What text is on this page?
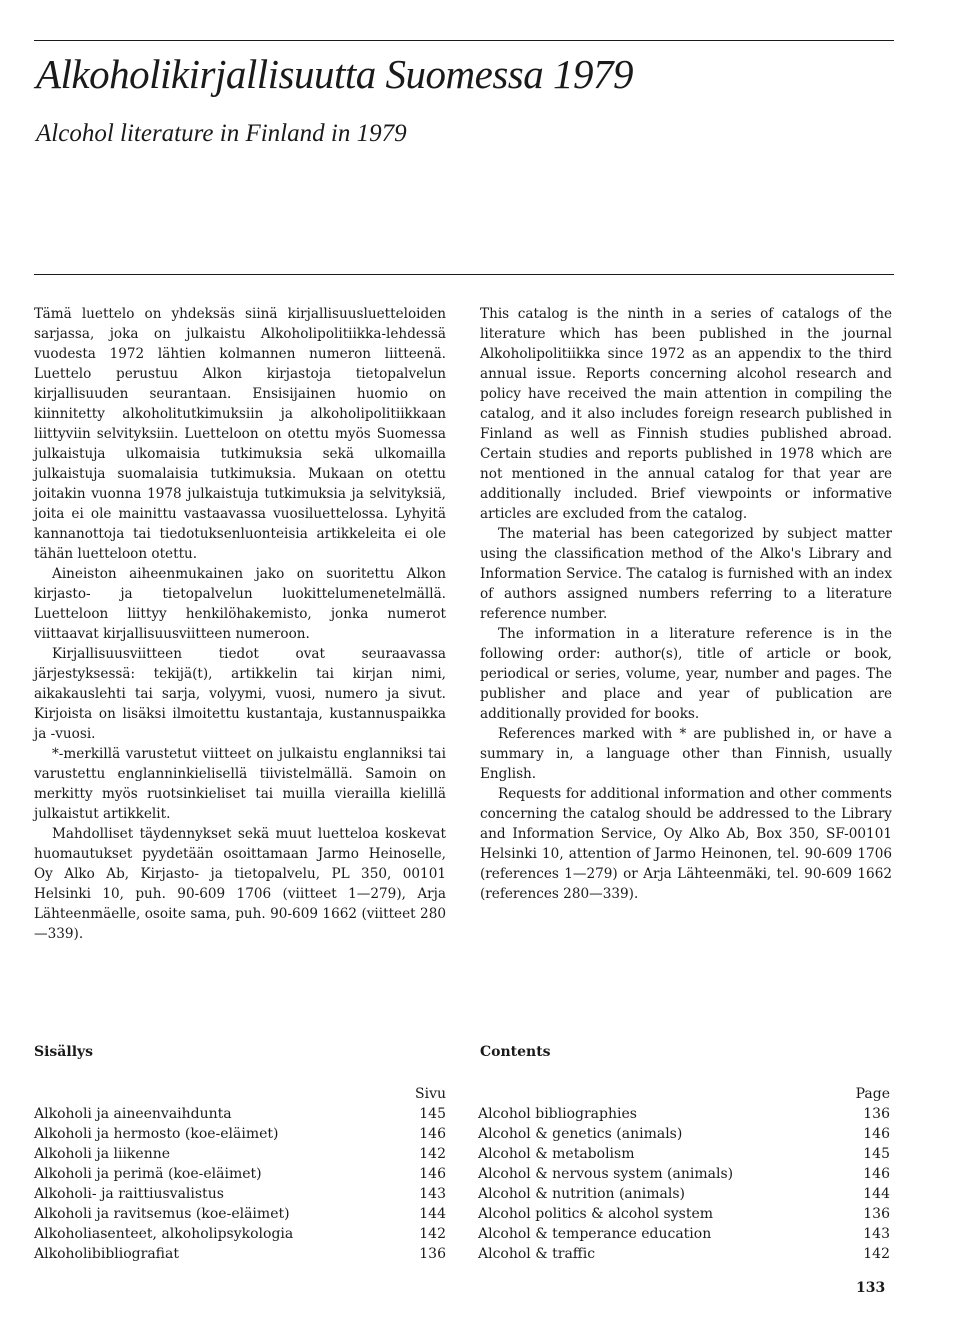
Alkoholikirjallisuutta Suomessa 1979
Alcohol literature in Finland in 1979

Tämä luettelo on yhdeksäs siinä kirjallisuusluetteloiden sarjassa, joka on julkaistu Alkoholipolitiikka-lehdessä vuodesta 1972 lähtien kolmannen numeron liitteenä. Luettelo perustuu Alkon kirjastoja tietopalvelun kirjallisuuden seurantaan. Ensisijainen huomio on kiinnitetty alkoholitutkimuksiin ja alkoholipolitiikkaan liittyviin selvityksiin. Luetteloon on otettu myös Suomessa julkaistuja ulkomaisia tutkimuksia sekä ulkomailla julkaistuja suomalaisia tutkimuksia. Mukaan on otettu joitakin vuonna 1978 julkaistuja tutkimuksia ja selvityksiä, joita ei ole mainittu vastaavassa vuosiluettelossa. Lyhyitä kannanottoja tai tiedotuksenluonteisia artikkeleita ei ole tähän luetteloon otettu.

Aineiston aiheenmukainen jako on suoritettu Alkon kirjasto- ja tietopalvelun luokittelumenetelmällä. Luetteloon liittyy henkilöhakemisto, jonka numerot viittaavat kirjallisuusviitteen numeroon.

Kirjallisuusviitteen tiedot ovat seuraavassa järjestyksessä: tekijä(t), artikkelin tai kirjan nimi, aikakauslehti tai sarja, volyymi, vuosi, numero ja sivut. Kirjoista on lisäksi ilmoitettu kustantaja, kustannuspaikka ja -vuosi.

*-merkillä varustetut viitteet on julkaistu englanniksi tai varustettu englanninkielisellä tiivistelmällä. Samoin on merkitty myös ruotsinkieliset tai muilla vierailla kielillä julkaistut artikkelit.

Mahdolliset täydennykset sekä muut luetteloa koskevat huomautukset pyydetään osoittamaan Jarmo Heinoselle, Oy Alko Ab, Kirjasto- ja tietopalvelu, PL 350, 00101 Helsinki 10, puh. 90-609 1706 (viitteet 1—279), Arja Lähteenmäelle, osoite sama, puh. 90-609 1662 (viitteet 280—339).

This catalog is the ninth in a series of catalogs of the literature which has been published in the journal Alkoholipolitiikka since 1972 as an appendix to the third annual issue. Reports concerning alcohol research and policy have received the main attention in compiling the catalog, and it also includes foreign research published in Finland as well as Finnish studies published abroad. Certain studies and reports published in 1978 which are not mentioned in the annual catalog for that year are additionally included. Brief viewpoints or informative articles are excluded from the catalog.

The material has been categorized by subject matter using the classification method of the Alko's Library and Information Service. The catalog is furnished with an index of authors assigned numbers referring to a literature reference number.

The information in a literature reference is in the following order: author(s), title of article or book, periodical or series, volume, year, number and pages. The publisher and place and year of publication are additionally provided for books.

References marked with * are published in, or have a summary in, a language other than Finnish, usually English.

Requests for additional information and other comments concerning the catalog should be addressed to the Library and Information Service, Oy Alko Ab, Box 350, SF-00101 Helsinki 10, attention of Jarmo Heinonen, tel. 90-609 1706 (references 1—279) or Arja Lähteenmäki, tel. 90-609 1662 (references 280—339).

Sisällys	Contents
Sivu
Alkoholi ja aineenvaihdunta	145
Alkoholi ja hermosto (koe-eläimet)	146
Alkoholi ja liikenne	142
Alkoholi ja perimä (koe-eläimet)	146
Alkoholi- ja raittiusvalistus	143
Alkoholi ja ravitsemus (koe-eläimet)	144
Alkoholiasenteet, alkoholipsykologia	142
Alkoholibibliografiat	136
Page
Alcohol bibliographies	136
Alcohol & genetics (animals)	146
Alcohol & metabolism	145
Alcohol & nervous system (animals)	146
Alcohol & nutrition (animals)	144
Alcohol politics & alcohol system	136
Alcohol & temperance education	143
Alcohol & traffic	142
133
